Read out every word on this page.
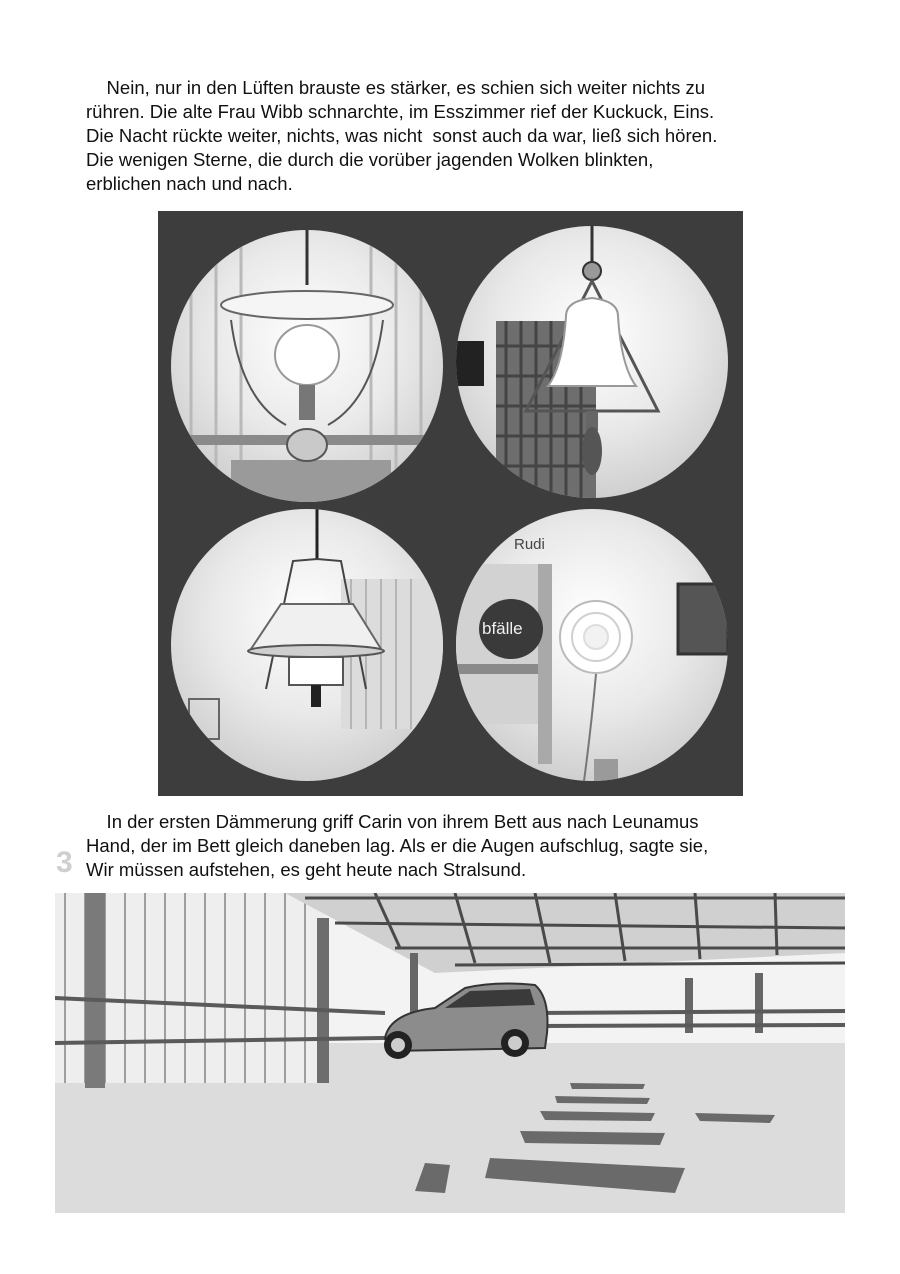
Nein, nur in den Lüften brauste es stärker, es schien sich weiter nichts zu
rühren. Die alte Frau Wibb schnarchte, im Esszimmer rief der Kuckuck, Eins.
Die Nacht rückte weiter, nichts, was nicht  sonst auch da war, ließ sich hören.
Die wenigen Sterne, die durch die vorüber jagenden Wolken blinkten,
erblichen nach und nach.
bfälle
Rudi
In der ersten Dämmerung griff Carin von ihrem Bett aus nach Leunamus
Hand, der im Bett gleich daneben lag. Als er die Augen aufschlug, sagte sie,
Wir müssen aufstehen, es geht heute nach Stralsund.
3
